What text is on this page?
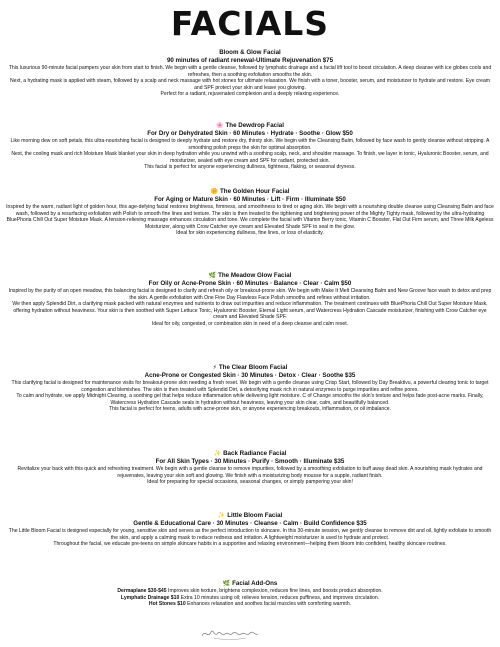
FACIALS
Bloom & Glow Facial
90 minutes of radiant renewal-Ultimate Rejuvenation $75

This luxurious 90-minute facial pampers your skin from start to finish. We begin with a gentle cleanse, followed by lymphatic drainage and a facial lift tool to boost circulation. A deep cleanse with ice globes cools and refreshes, then a soothing exfoliation smooths the skin.

Next, a hydrating mask is applied with steam, followed by a scalp and neck massage with hot stones for ultimate relaxation. We finish with a toner, booster, serum, and moisturizer to hydrate and restore. Eye cream and SPF protect your skin and leave you glowing.

Perfect for a radiant, rejuvenated complexion and a deeply relaxing experience.

🌸 The Dewdrop Facial
For Dry or Dehydrated Skin · 60 Minutes · Hydrate · Soothe · Glow $50

Like morning dew on soft petals, this ultra-nourishing facial is designed to deeply hydrate and restore dry, thirsty skin. We begin with the Cleansing Balm, followed by face wash to gently cleanse without stripping. A smoothing polish preps the skin for optimal absorption.

Next, the cooling mask and rich Moisture Mask blanket your skin in deep hydration while you unwind with a soothing scalp, neck, and shoulder massage. To finish, we layer in tonic, Hyaluronic Booster, serum, and moisturizer, sealed with eye cream and SPF for radiant, protected skin.

This facial is perfect for anyone experiencing dullness, tightness, flaking, or seasonal dryness.

🌼 The Golden Hour Facial
For Aging or Mature Skin · 60 Minutes · Lift · Firm · Illuminate $50

Inspired by the warm, radiant light of golden hour, this age-defying facial restores brightness, firmness, and smoothness to tired or aging skin. We begin with a nourishing double cleanse using Cleansing Balm and face wash, followed by a resurfacing exfoliation with Polish to smooth fine lines and texture. The skin is then treated to the tightening and brightening power of the Mighty Tighty mask, followed by the ultra-hydrating BluePhoria Chill Out Super Moisture Mask. A tension-relieving massage enhances circulation and tone. We complete the facial with Vitamin Berry tonic, Vitamin C Booster, Flat Out Firm serum, and Three Milk Ageless Moisturizer, along with Crow Catcher eye cream and Elevated Shade SPF to seal in the glow.

Ideal for skin experiencing dullness, fine lines, or loss of elasticity.

🌿 The Meadow Glow Facial
For Oily or Acne-Prone Skin · 60 Minutes · Balance · Clear · Calm $50

Inspired by the purity of an open meadow, this balancing facial is designed to clarify and refresh oily or breakout-prone skin. We begin with Make It Melt Cleansing Balm and New Groove face wash to detox and prep the skin. A gentle exfoliation with One Fine Day Flawless Face Polish smooths and refines without irritation.

We then apply Splendid Dirt, a clarifying mask packed with natural enzymes and nutrients to draw out impurities and reduce inflammation. The treatment continues with BluePhoria Chill Out Super Moisture Mask, offering hydration without heaviness. Your skin is then soothed with Super Lettuce Tonic, Hyaluronic Booster, Eternal Light serum, and Watercress Hydration Cascade moisturizer, finishing with Crow Catcher eye cream and Elevated Shade SPF.

Ideal for oily, congested, or combination skin in need of a deep cleanse and calm reset.

⚡ The Clear Bloom Facial
Acne-Prone or Congested Skin · 30 Minutes · Detox · Clear · Soothe $35

This clarifying facial is designed for maintenance visits for breakout-prone skin needing a fresh reset. We begin with a gentle cleanse using Crisp Start, followed by Day Breaktivu, a powerful clearing tonic to target congestion and blemishes. The skin is then treated with Splendid Dirt, a detoxifying mask rich in natural enzymes to purge impurities and refine pores.

To calm and hydrate, we apply Midnight Clearing, a soothing gel that helps reduce inflammation while delivering light moisture. C of Change smooths the skin's texture and helps fade post-acne marks. Finally, Watercress Hydration Cascade seals in hydration without heaviness, leaving your skin clear, calm, and beautifully balanced.

This facial is perfect for teens, adults with acne-prone skin, or anyone experiencing breakouts, inflammation, or oil imbalance.

✨ Back Radiance Facial
For All Skin Types · 30 Minutes · Purify · Smooth · Illuminate $35

Revitalize your back with this quick and refreshing treatment. We begin with a gentle cleanse to remove impurities, followed by a smoothing exfoliation to buff away dead skin. A nourishing mask hydrates and rejuvenates, leaving your skin soft and glowing. We finish with a moisturizing body mousse for a supple, radiant finish.

Ideal for preparing for special occasions, seasonal changes, or simply pampering your skin!

✨ Little Bloom Facial
Gentle & Educational Care · 30 Minutes · Cleanse · Calm · Build Confidence $35

The Little Bloom Facial is designed especially for young, sensitive skin and serves as the perfect introduction to skincare. In this 30-minute session, we gently cleanse to remove dirt and oil, lightly exfoliate to smooth the skin, and apply a calming mask to reduce redness and irritation. A lightweight moisturizer is used to hydrate and protect.

Throughout the facial, we educate pre-teens on simple skincare habits in a supportive and relaxing environment—helping them bloom into confident, healthy skincare routines.

🌿 Facial Add-Ons

Dermaplane $30-$45 Improves skin texture, brightens complexion, reduces fine lines, and boosts product absorption.

Lymphatic Drainage $10 Extra 10 minutes using oil; relieves tension, reduces puffiness, and improves circulation.

Hot Stones $10 Enhances relaxation and soothes facial muscles with comforting warmth.
